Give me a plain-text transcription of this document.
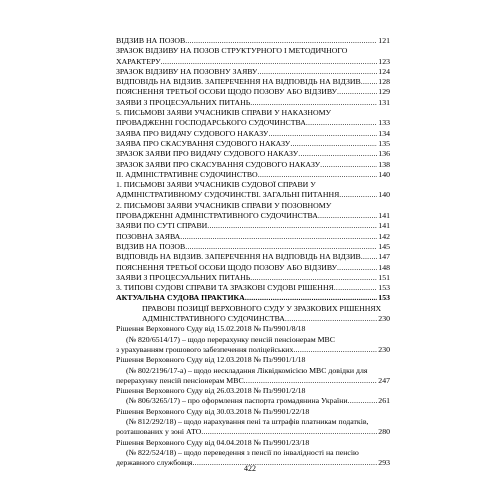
ВІДЗИВ НА ПОЗОВ .....	121
ЗРАЗОК ВІДЗИВУ НА ПОЗОВ СТРУКТУРНОГО І МЕТОДИЧНОГО
ХАРАКТЕРУ .....	123
ЗРАЗОК ВІДЗИВУ НА ПОЗОВНУ ЗАЯВУ .....	124
ВІДПОВІДЬ НА ВІДЗИВ. ЗАПЕРЕЧЕННЯ НА ВІДПОВІДЬ НА ВІДЗИВ ..... 128
ПОЯСНЕННЯ ТРЕТЬОЇ ОСОБИ ЩОДО ПОЗОВУ АБО ВІДЗИВУ .....	129
ЗАЯВИ З ПРОЦЕСУАЛЬНИХ ПИТАНЬ .....	131
5. ПИСЬМОВІ ЗАЯВИ УЧАСНИКІВ СПРАВИ У НАКАЗНОМУ
ПРОВАДЖЕННІ ГОСПОДАРСЬКОГО СУДОЧИНСТВА .....	133
ЗАЯВА ПРО ВИДАЧУ СУДОВОГО НАКАЗУ .....	134
ЗАЯВА ПРО СКАСУВАННЯ СУДОВОГО НАКАЗУ .....	135
ЗРАЗОК ЗАЯВИ ПРО ВИДАЧУ СУДОВОГО НАКАЗУ .....	136
ЗРАЗОК ЗАЯВИ ПРО СКАСУВАННЯ СУДОВОГО НАКАЗУ .....	138
II. АДМІНІСТРАТИВНЕ СУДОЧИНСТВО .....	140
1. ПИСЬМОВІ ЗАЯВИ УЧАСНИКІВ СУДОВОЇ СПРАВИ У
АДМІНІСТРАТИВНОМУ СУДОЧИНСТВІ. ЗАГАЛЬНІ ПИТАННЯ .....	140
2. ПИСЬМОВІ ЗАЯВИ УЧАСНИКІВ СПРАВИ У ПОЗОВНОМУ
ПРОВАДЖЕННІ АДМІНІСТРАТИВНОГО СУДОЧИНСТВА .....	141
ЗАЯВИ ПО СУТІ СПРАВИ .....	141
ПОЗОВНА ЗАЯВА .....	142
ВІДЗИВ НА ПОЗОВ .....	145
ВІДПОВІДЬ НА ВІДЗИВ. ЗАПЕРЕЧЕННЯ НА ВІДПОВІДЬ НА ВІДЗИВ ..... 147
ПОЯСНЕННЯ ТРЕТЬОЇ ОСОБИ ЩОДО ПОЗОВУ АБО ВІДЗИВУ .....	148
ЗАЯВИ З ПРОЦЕСУАЛЬНИХ ПИТАНЬ .....	151
3. ТИПОВІ СУДОВІ СПРАВИ ТА ЗРАЗКОВІ СУДОВІ РІШЕННЯ .....	153
АКТУАЛЬНА СУДОВА ПРАКТИКА .....	153
ПРАВОВІ ПОЗИЦІЇ ВЕРХОВНОГО СУДУ У ЗРАЗКОВИХ РІШЕННЯХ
АДМІНІСТРАТИВНОГО СУДОЧИНСТВА .....	230
Рішення Верховного Суду від 15.02.2018 № Пз/9901/8/18
(№ 820/6514/17) – щодо перерахунку пенсій пенсіонерам МВС
з урахуванням грошового забезпечення поліцейських .....	230
Рішення Верховного Суду від 12.03.2018 № Пз/9901/1/18
(№ 802/2196/17-а) – щодо нескладання Ліквідкомісією МВС довідки для
перерахунку пенсій пенсіонерам МВС .....	247
Рішення Верховного Суду від 26.03.2018 № Пз/9901/2/18
(№ 806/3265/17) – про оформлення паспорта громадянина України .....	261
Рішення Верховного Суду від 30.03.2018 № Пз/9901/22/18
(№ 812/292/18) – щодо нарахування пені та штрафів платникам податків,
розташованих у зоні АТО .....	280
Рішення Верховного Суду від 04.04.2018 № Пз/9901/23/18
(№ 822/524/18) – щодо переведення з пенсії по інвалідності на пенсію
державного службовця .....	293
422
